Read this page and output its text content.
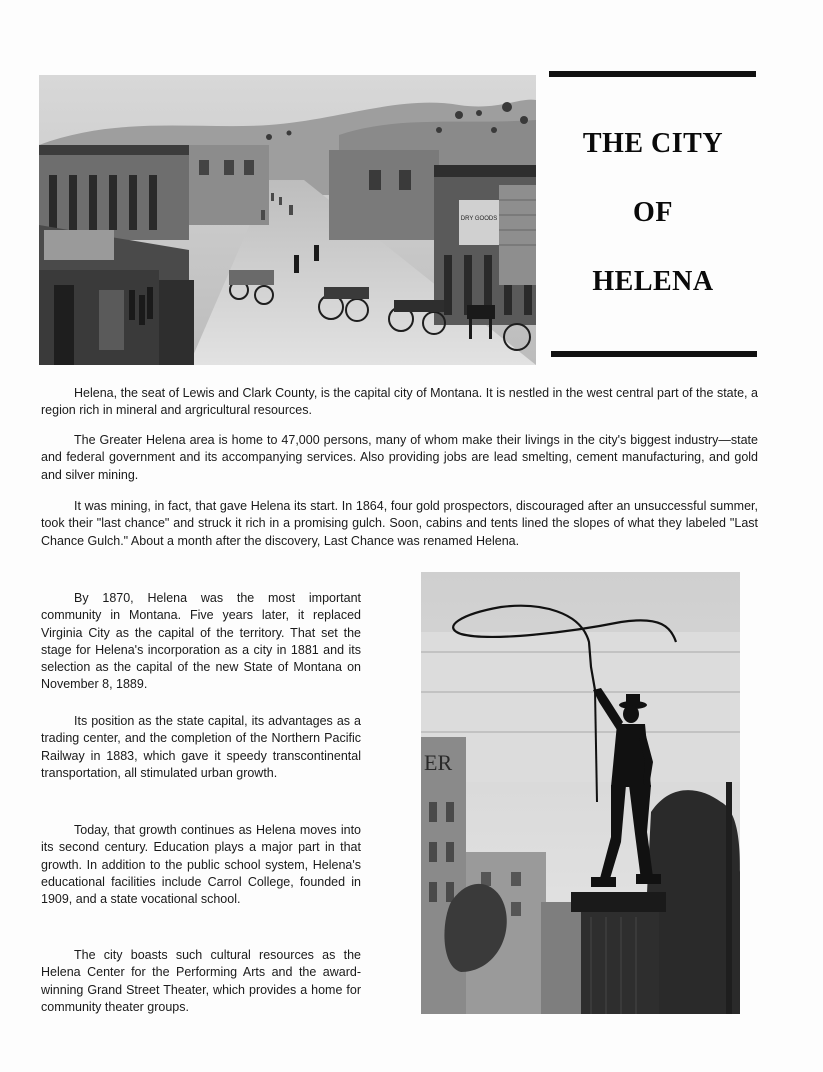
DRY GOODS
THE CITY
OF
HELENA

Helena, the seat of Lewis and Clark County, is the capital city of Montana. It is nestled in the west central part of the state, a region rich in mineral and argricultural resources.

The Greater Helena area is home to 47,000 persons, many of whom make their livings in the city's biggest industry—state and federal government and its accompanying services. Also providing jobs are lead smelting, cement manufacturing, and gold and silver mining.

It was mining, in fact, that gave Helena its start. In 1864, four gold prospectors, discouraged after an unsuccessful summer, took their "last chance" and struck it rich in a promising gulch. Soon, cabins and tents lined the slopes of what they labeled "Last Chance Gulch." About a month after the discovery, Last Chance was renamed Helena.

By 1870, Helena was the most important community in Montana. Five years later, it replaced Virginia City as the capital of the territory. That set the stage for Helena's incorporation as a city in 1881 and its selection as the capital of the new State of Montana on November 8, 1889.

Its position as the state capital, its advantages as a trading center, and the completion of the Northern Pacific Railway in 1883, which gave it speedy transcontinental transportation, all stimulated urban growth.

Today, that growth continues as Helena moves into its second century. Education plays a major part in that growth. In addition to the public school system, Helena's educational facilities include Carrol College, founded in 1909, and a state vocational school.

The city boasts such cultural resources as the Helena Center for the Performing Arts and the award-winning Grand Street Theater, which provides a home for community theater groups.

ER
